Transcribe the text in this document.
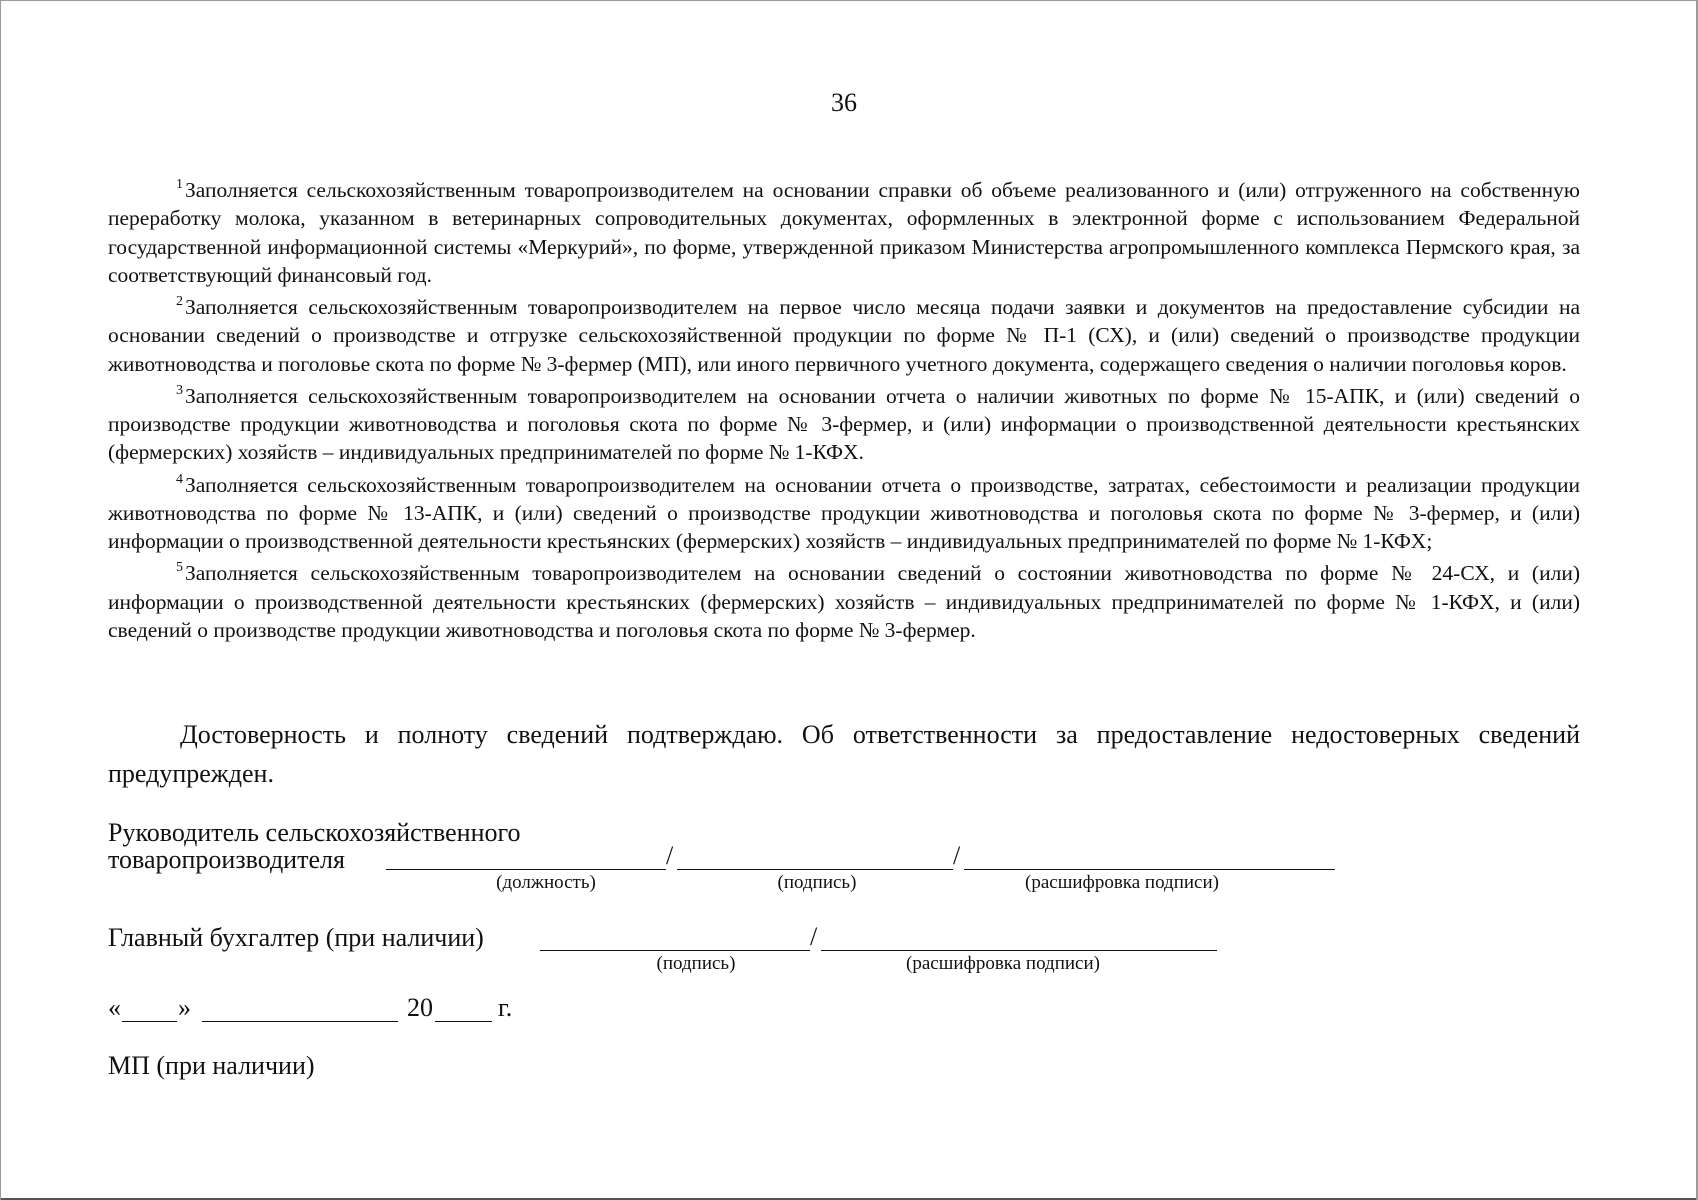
36

$^1$Заполняется сельскохозяйственным товаропроизводителем на основании справки об объеме реализованного и (или) отгруженного на собственную переработку молока, указанном в ветеринарных сопроводительных документах, оформленных в электронной форме с использованием Федеральной государственной информационной системы «Меркурий», по форме, утвержденной приказом Министерства агропромышленного комплекса Пермского края, за соответствующий финансовый год.

$^2$Заполняется сельскохозяйственным товаропроизводителем на первое число месяца подачи заявки и документов на предоставление субсидии на основании сведений о производстве и отгрузке сельскохозяйственной продукции по форме № П-1 (СХ), и (или) сведений о производстве продукции животноводства и поголовье скота по форме № 3-фермер (МП), или иного первичного учетного документа, содержащего сведения о наличии поголовья коров.

$^3$Заполняется сельскохозяйственным товаропроизводителем на основании отчета о наличии животных по форме № 15-АПК, и (или) сведений о производстве продукции животноводства и поголовья скота по форме № 3-фермер, и (или) информации о производственной деятельности крестьянских (фермерских) хозяйств – индивидуальных предпринимателей по форме № 1-КФХ.

$^4$Заполняется сельскохозяйственным товаропроизводителем на основании отчета о производстве, затратах, себестоимости и реализации продукции животноводства по форме № 13-АПК, и (или) сведений о производстве продукции животноводства и поголовья скота по форме № 3-фермер, и (или) информации о производственной деятельности крестьянских (фермерских) хозяйств – индивидуальных предпринимателей по форме № 1-КФХ;

$^5$Заполняется сельскохозяйственным товаропроизводителем на основании сведений о состоянии животноводства по форме № 24-СХ, и (или) информации о производственной деятельности крестьянских (фермерских) хозяйств – индивидуальных предпринимателей по форме № 1-КФХ, и (или) сведений о производстве продукции животноводства и поголовья скота по форме № 3-фермер.

Достоверность и полноту сведений подтверждаю. Об ответственности за предоставление недостоверных сведений предупрежден.
Руководитель сельскохозяйственного
товаропроизводителя	/	/
(должность)	(подпись)	(расшифровка подписи)
Главный бухгалтер (при наличии)	/
(подпись)	(расшифровка подписи)
« »	20	г.
МП (при наличии)
